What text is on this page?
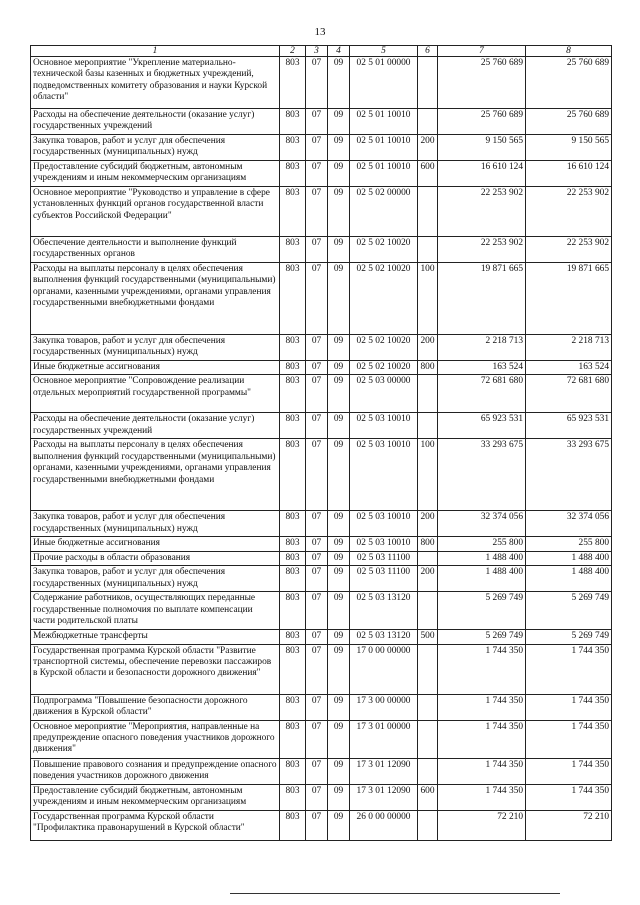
13
1	2	3	4	5	6	7	8
Основное мероприятие "Укрепление материально-технической базы казенных и бюджетных учреждений, подведомственных комитету образования и науки Курской области"	803	07	09	02 5 01 00000		25 760 689	25 760 689
Расходы на обеспечение деятельности (оказание услуг) государственных учреждений	803	07	09	02 5 01 10010		25 760 689	25 760 689
Закупка товаров, работ и услуг для обеспечения государственных (муниципальных) нужд	803	07	09	02 5 01 10010	200	9 150 565	9 150 565
Предоставление субсидий бюджетным, автономным учреждениям и иным некоммерческим организациям	803	07	09	02 5 01 10010	600	16 610 124	16 610 124
Основное мероприятие "Руководство и управление в сфере установленных функций органов государственной власти субъектов Российской Федерации"	803	07	09	02 5 02 00000		22 253 902	22 253 902
Обеспечение деятельности и выполнение функций государственных органов	803	07	09	02 5 02 10020		22 253 902	22 253 902
Расходы на выплаты персоналу в целях обеспечения выполнения функций государственными (муниципальными) органами, казенными учреждениями, органами управления государственными внебюджетными фондами	803	07	09	02 5 02 10020	100	19 871 665	19 871 665
Закупка товаров, работ и услуг для обеспечения государственных (муниципальных) нужд	803	07	09	02 5 02 10020	200	2 218 713	2 218 713
Иные бюджетные ассигнования	803	07	09	02 5 02 10020	800	163 524	163 524
Основное мероприятие "Сопровождение реализации отдельных мероприятий государственной программы"	803	07	09	02 5 03 00000		72 681 680	72 681 680
Расходы на обеспечение деятельности (оказание услуг) государственных учреждений	803	07	09	02 5 03 10010		65 923 531	65 923 531
Расходы на выплаты персоналу в целях обеспечения выполнения функций государственными (муниципальными) органами, казенными учреждениями, органами управления государственными внебюджетными фондами	803	07	09	02 5 03 10010	100	33 293 675	33 293 675
Закупка товаров, работ и услуг для обеспечения государственных (муниципальных) нужд	803	07	09	02 5 03 10010	200	32 374 056	32 374 056
Иные бюджетные ассигнования	803	07	09	02 5 03 10010	800	255 800	255 800
Прочие расходы в области образования	803	07	09	02 5 03 11100		1 488 400	1 488 400
Закупка товаров, работ и услуг для обеспечения государственных (муниципальных) нужд	803	07	09	02 5 03 11100	200	1 488 400	1 488 400
Содержание работников, осуществляющих переданные государственные полномочия по выплате компенсации части родительской платы	803	07	09	02 5 03 13120		5 269 749	5 269 749
Межбюджетные трансферты	803	07	09	02 5 03 13120	500	5 269 749	5 269 749
Государственная программа Курской области "Развитие транспортной системы, обеспечение перевозки пассажиров в Курской области и безопасности дорожного движения"	803	07	09	17 0 00 00000		1 744 350	1 744 350
Подпрограмма "Повышение безопасности дорожного движения в Курской области"	803	07	09	17 3 00 00000		1 744 350	1 744 350
Основное мероприятие "Мероприятия, направленные на предупреждение опасного поведения участников дорожного движения"	803	07	09	17 3 01 00000		1 744 350	1 744 350
Повышение правового сознания и предупреждение опасного поведения участников дорожного движения	803	07	09	17 3 01 12090		1 744 350	1 744 350
Предоставление субсидий бюджетным, автономным учреждениям и иным некоммерческим организациям	803	07	09	17 3 01 12090	600	1 744 350	1 744 350
Государственная программа Курской области "Профилактика правонарушений в Курской области"	803	07	09	26 0 00 00000		72 210	72 210
